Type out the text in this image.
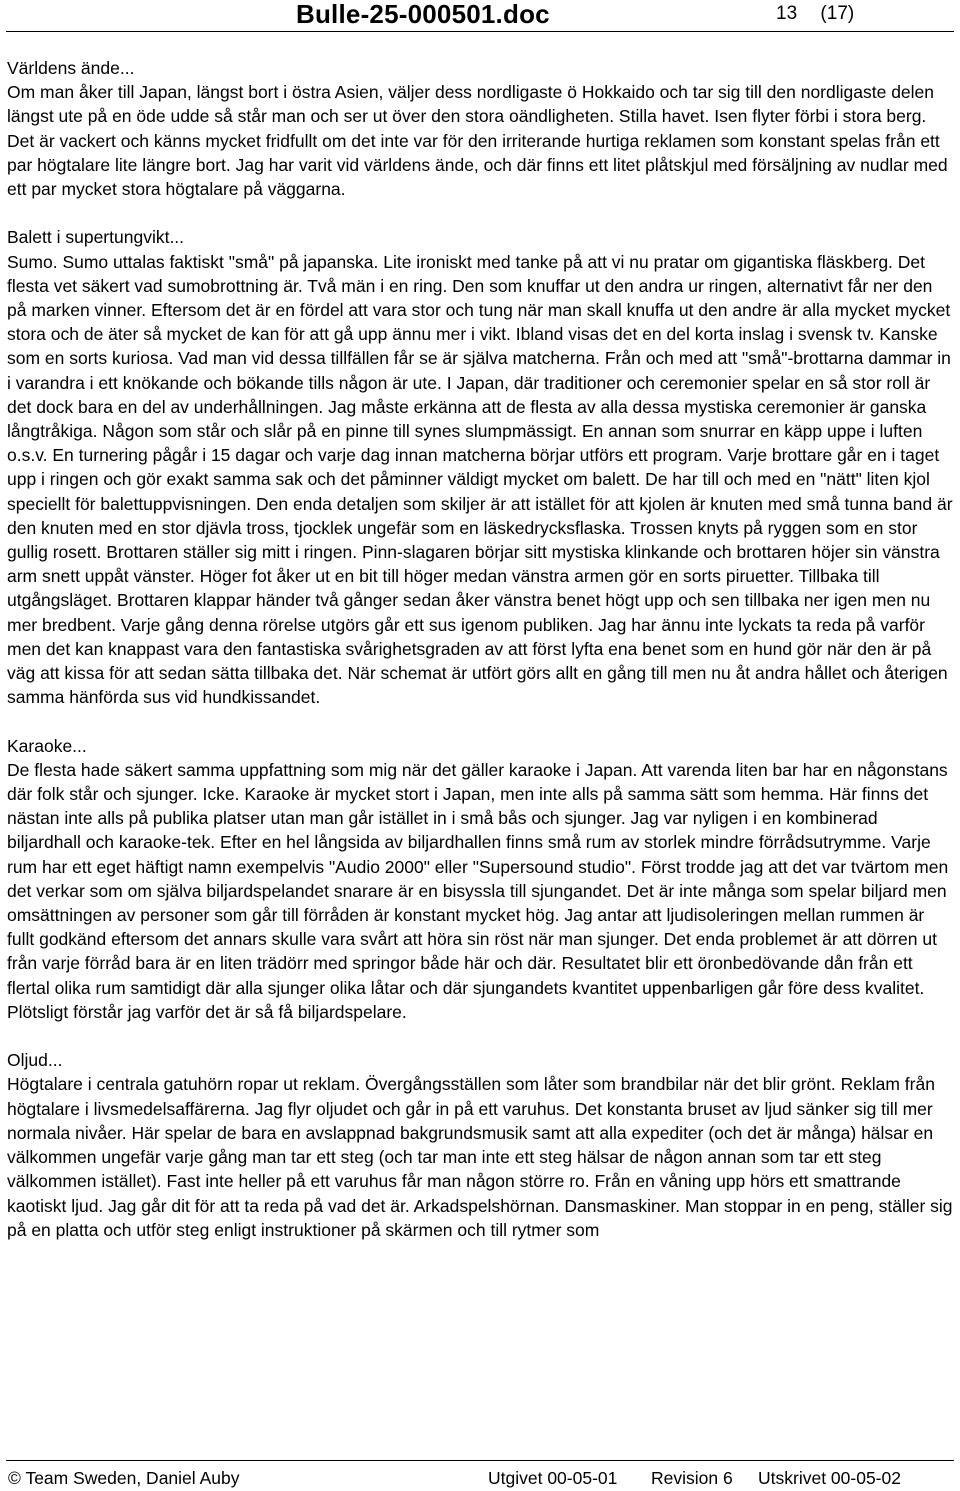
Bulle-25-000501.doc	13 (17)
Världens ände...

Om man åker till Japan, längst bort i östra Asien, väljer dess nordligaste ö Hokkaido och tar sig till den nordligaste delen längst ute på en öde udde så står man och ser ut över den stora oändligheten. Stilla havet. Isen flyter förbi i stora berg. Det är vackert och känns mycket fridfullt om det inte var för den irriterande hurtiga reklamen som konstant spelas från ett par högtalare lite längre bort. Jag har varit vid världens ände, och där finns ett litet plåtskjul med försäljning av nudlar med ett par mycket stora högtalare på väggarna.

Balett i supertungvikt...

Sumo. Sumo uttalas faktiskt "små" på japanska. Lite ironiskt med tanke på att vi nu pratar om gigantiska fläskberg. Det flesta vet säkert vad sumobrottning är. Två män i en ring. Den som knuffar ut den andra ur ringen, alternativt får ner den på marken vinner. Eftersom det är en fördel att vara stor och tung när man skall knuffa ut den andre är alla mycket mycket stora och de äter så mycket de kan för att gå upp ännu mer i vikt. Ibland visas det en del korta inslag i svensk tv. Kanske som en sorts kuriosa. Vad man vid dessa tillfällen får se är själva matcherna. Från och med att "små"-brottarna dammar in i varandra i ett knökande och bökande tills någon är ute. I Japan, där traditioner och ceremonier spelar en så stor roll är det dock bara en del av underhållningen. Jag måste erkänna att de flesta av alla dessa mystiska ceremonier är ganska långtråkiga. Någon som står och slår på en pinne till synes slumpmässigt. En annan som snurrar en käpp uppe i luften o.s.v. En turnering pågår i 15 dagar och varje dag innan matcherna börjar utförs ett program. Varje brottare går en i taget upp i ringen och gör exakt samma sak och det påminner väldigt mycket om balett. De har till och med en "nätt" liten kjol speciellt för balettuppvisningen. Den enda detaljen som skiljer är att istället för att kjolen är knuten med små tunna band är den knuten med en stor djävla tross, tjocklek ungefär som en läskedrycksflaska. Trossen knyts på ryggen som en stor gullig rosett. Brottaren ställer sig mitt i ringen. Pinn-slagaren börjar sitt mystiska klinkande och brottaren höjer sin vänstra arm snett uppåt vänster. Höger fot åker ut en bit till höger medan vänstra armen gör en sorts piruetter. Tillbaka till utgångsläget. Brottaren klappar händer två gånger sedan åker vänstra benet högt upp och sen tillbaka ner igen men nu mer bredbent. Varje gång denna rörelse utgörs går ett sus igenom publiken. Jag har ännu inte lyckats ta reda på varför men det kan knappast vara den fantastiska svårighetsgraden av att först lyfta ena benet som en hund gör när den är på väg att kissa för att sedan sätta tillbaka det. När schemat är utfört görs allt en gång till men nu åt andra hållet och återigen samma hänförda sus vid hundkissandet.

Karaoke...

De flesta hade säkert samma uppfattning som mig när det gäller karaoke i Japan. Att varenda liten bar har en någonstans där folk står och sjunger. Icke. Karaoke är mycket stort i Japan, men inte alls på samma sätt som hemma. Här finns det nästan inte alls på publika platser utan man går istället in i små bås och sjunger. Jag var nyligen i en kombinerad biljardhall och karaoke-tek. Efter en hel långsida av biljardhallen finns små rum av storlek mindre förrådsutrymme. Varje rum har ett eget häftigt namn exempelvis "Audio 2000" eller "Supersound studio". Först trodde jag att det var tvärtom men det verkar som om själva biljardspelandet snarare är en bisyssla till sjungandet. Det är inte många som spelar biljard men omsättningen av personer som går till förråden är konstant mycket hög. Jag antar att ljudisoleringen mellan rummen är fullt godkänd eftersom det annars skulle vara svårt att höra sin röst när man sjunger. Det enda problemet är att dörren ut från varje förråd bara är en liten trädörr med springor både här och där. Resultatet blir ett öronbedövande dån från ett flertal olika rum samtidigt där alla sjunger olika låtar och där sjungandets kvantitet uppenbarligen går före dess kvalitet. Plötsligt förstår jag varför det är så få biljardspelare.

Oljud...

Högtalare i centrala gatuhörn ropar ut reklam. Övergångsställen som låter som brandbilar när det blir grönt. Reklam från högtalare i livsmedelsaffärerna. Jag flyr oljudet och går in på ett varuhus. Det konstanta bruset av ljud sänker sig till mer normala nivåer. Här spelar de bara en avslappnad bakgrundsmusik samt att alla expediter (och det är många) hälsar en välkommen ungefär varje gång man tar ett steg (och tar man inte ett steg hälsar de någon annan som tar ett steg välkommen istället). Fast inte heller på ett varuhus får man någon större ro. Från en våning upp hörs ett smattrande kaotiskt ljud. Jag går dit för att ta reda på vad det är. Arkadspelshörnan. Dansmaskiner. Man stoppar in en peng, ställer sig på en platta och utför steg enligt instruktioner på skärmen och till rytmer som

© Team Sweden, Daniel Auby	Utgivet 00-05-01 Revision 6 Utskrivet 00-05-02
